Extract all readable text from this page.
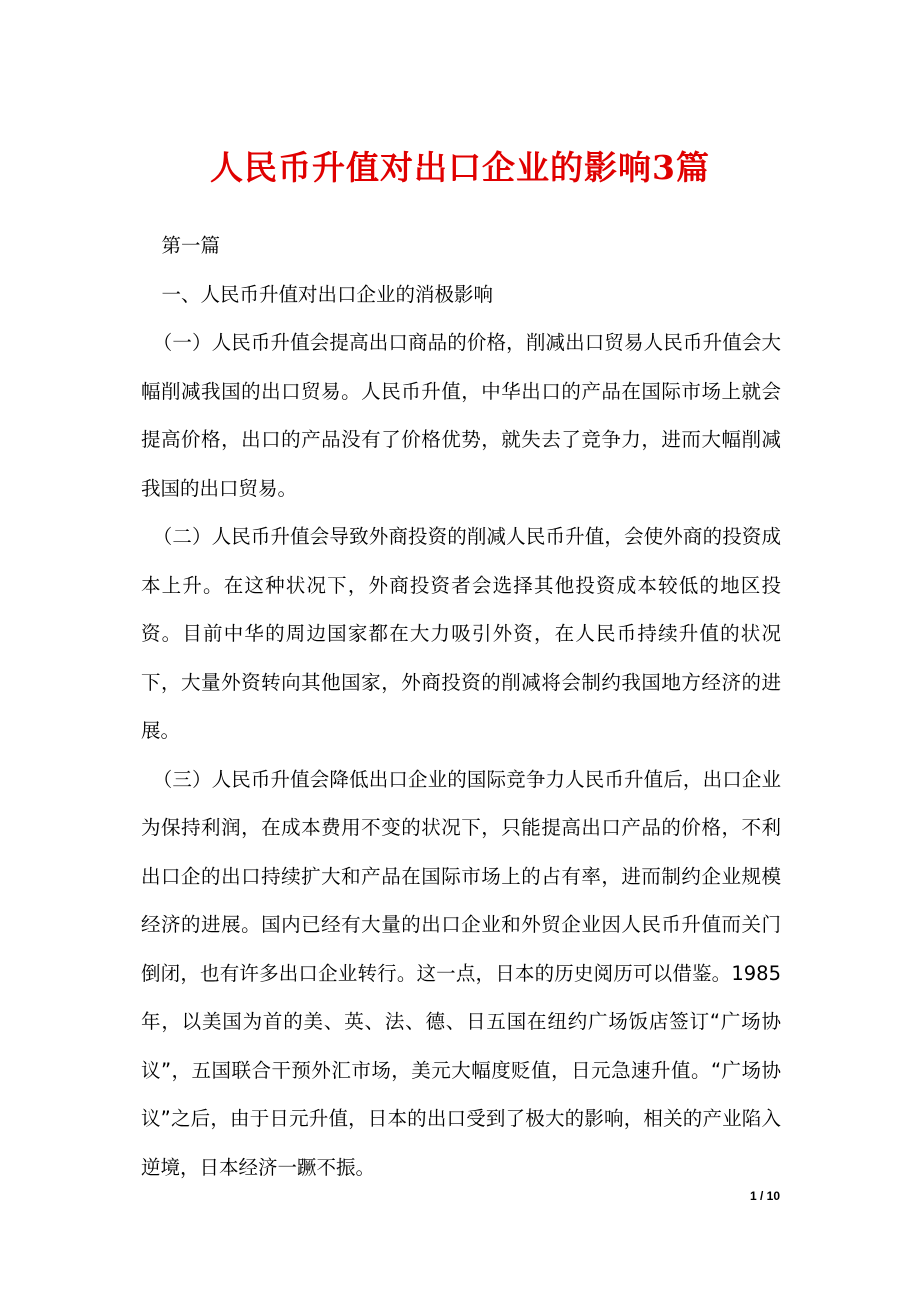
人民币升值对出口企业的影响3篇

第一篇

一、人民币升值对出口企业的消极影响

（一）人民币升值会提高出口商品的价格，削减出口贸易人民币升值会大幅削减我国的出口贸易。人民币升值，中华出口的产品在国际市场上就会提高价格，出口的产品没有了价格优势，就失去了竞争力，进而大幅削减我国的出口贸易。

（二）人民币升值会导致外商投资的削减人民币升值，会使外商的投资成本上升。在这种状况下，外商投资者会选择其他投资成本较低的地区投资。目前中华的周边国家都在大力吸引外资，在人民币持续升值的状况下，大量外资转向其他国家，外商投资的削减将会制约我国地方经济的进展。

（三）人民币升值会降低出口企业的国际竞争力人民币升值后，出口企业为保持利润，在成本费用不变的状况下，只能提高出口产品的价格，不利出口企的出口持续扩大和产品在国际市场上的占有率，进而制约企业规模经济的进展。国内已经有大量的出口企业和外贸企业因人民币升值而关门倒闭，也有许多出口企业转行。这一点，日本的历史阅历可以借鉴。1985年，以美国为首的美、英、法、德、日五国在纽约广场饭店签订“广场协议”，五国联合干预外汇市场，美元大幅度贬值，日元急速升值。“广场协议”之后，由于日元升值，日本的出口受到了极大的影响，相关的产业陷入逆境，日本经济一蹶不振。

1 / 10
